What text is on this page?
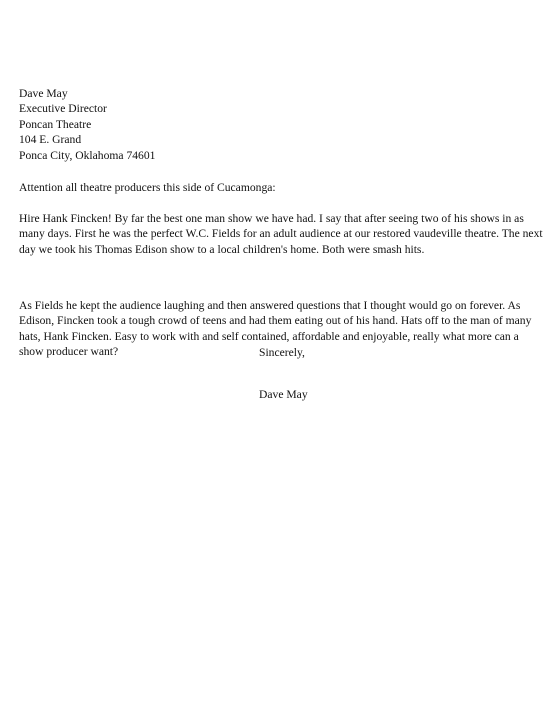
Dave May
Executive Director
Poncan Theatre
104 E. Grand
Ponca City, Oklahoma 74601
Attention all theatre producers this side of Cucamonga:

Hire Hank Fincken! By far the best one man show we have had. I say that after seeing two of his shows in as
many days. First he was the perfect W.C. Fields for an adult audience at our restored vaudeville theatre. The next
day we took his Thomas Edison show to a local children's home. Both were smash hits.

As Fields he kept the audience laughing and then answered questions that I thought would go on forever. As
Edison, Fincken took a tough crowd of teens and had them eating out of his hand. Hats off to the man of many
hats, Hank Fincken. Easy to work with and self contained, affordable and enjoyable, really what more can a
show producer want?	Sincerely,
Dave May
